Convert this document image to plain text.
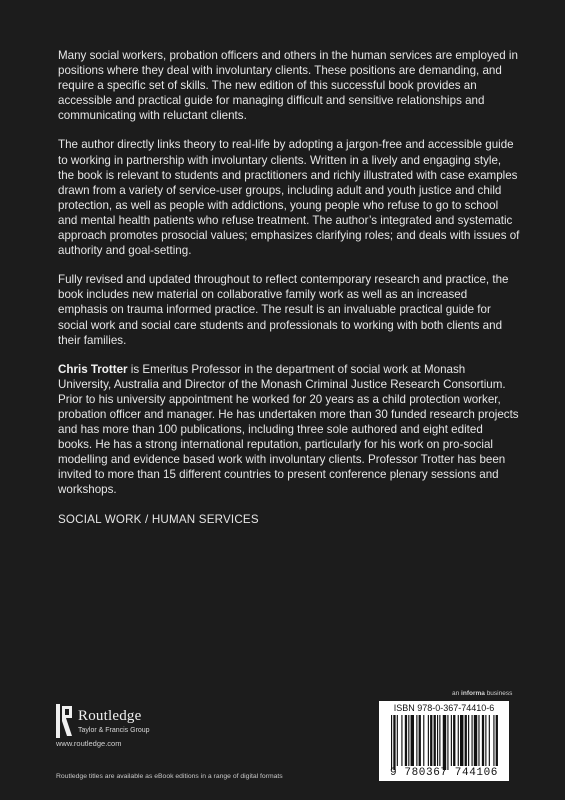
Many social workers, probation officers and others in the human services are employed in positions where they deal with involuntary clients. These positions are demanding, and require a specific set of skills. The new edition of this successful book provides an accessible and practical guide for managing difficult and sensitive relationships and communicating with reluctant clients.

The author directly links theory to real-life by adopting a jargon-free and accessible guide to working in partnership with involuntary clients. Written in a lively and engaging style, the book is relevant to students and practitioners and richly illustrated with case examples drawn from a variety of service-user groups, including adult and youth justice and child protection, as well as people with addictions, young people who refuse to go to school and mental health patients who refuse treatment. The author’s integrated and systematic approach promotes prosocial values; emphasizes clarifying roles; and deals with issues of authority and goal-setting.

Fully revised and updated throughout to reflect contemporary research and practice, the book includes new material on collaborative family work as well as an increased emphasis on trauma informed practice. The result is an invaluable practical guide for social work and social care students and professionals to working with both clients and their families.

Chris Trotter is Emeritus Professor in the department of social work at Monash University, Australia and Director of the Monash Criminal Justice Research Consortium. Prior to his university appointment he worked for 20 years as a child protection worker, probation officer and manager. He has undertaken more than 30 funded research projects and has more than 100 publications, including three sole authored and eight edited books. He has a strong international reputation, particularly for his work on pro-social modelling and evidence based work with involuntary clients. Professor Trotter has been invited to more than 15 different countries to present conference plenary sessions and workshops.

SOCIAL WORK / HUMAN SERVICES
an informa business
Routledge
Taylor & Francis Group
www.routledge.com
ISBN 978-0-367-74410-6
9 780367 744106
Routledge titles are available as eBook editions in a range of digital formats
